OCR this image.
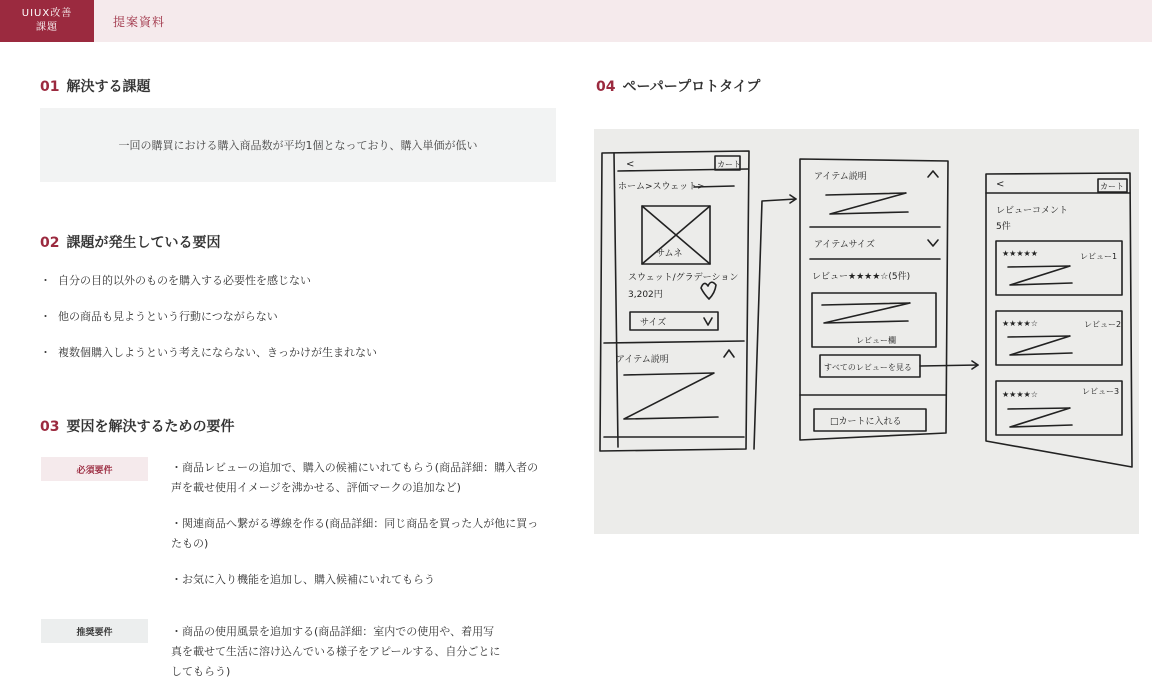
UIUX改善
課題	提案資料
01 解決する課題
一回の購買における購入商品数が平均1個となっており、購入単価が低い
02 課題が発生している要因
・ 自分の目的以外のものを購入する必要性を感じない
・ 他の商品も見ようという行動につながらない
・ 複数個購入しようという考えにならない、きっかけが生まれない
03 要因を解決するための要件
必須要件	・商品レビューの追加で、購入の候補にいれてもらう(商品詳細：購入者の
声を載せ使用イメージを沸かせる、評価マークの追加など)
・関連商品へ繋がる導線を作る(商品詳細：同じ商品を買った人が他に買っ
たもの)
・お気に入り機能を追加し、購入候補にいれてもらう
推奨要件	・商品の使用風景を追加する(商品詳細：室内での使用や、着用写
真を載せて生活に溶け込んでいる様子をアピールする、自分ごとに
してもらう)
04 ペーパープロトタイプ
<	カート
ホーム>スウェット>
サムネ
スウェット/グラデーション
3,202円
サイズ
アイテム説明
アイテム説明
アイテムサイズ
レビュー★★★★☆(5件)
レビュー欄
すべてのレビューを見る
□カートに入れる
<	カート
レビューコメント
5件
★★★★★	レビュー1
★★★★☆	レビュー2
★★★★☆	レビュー3
